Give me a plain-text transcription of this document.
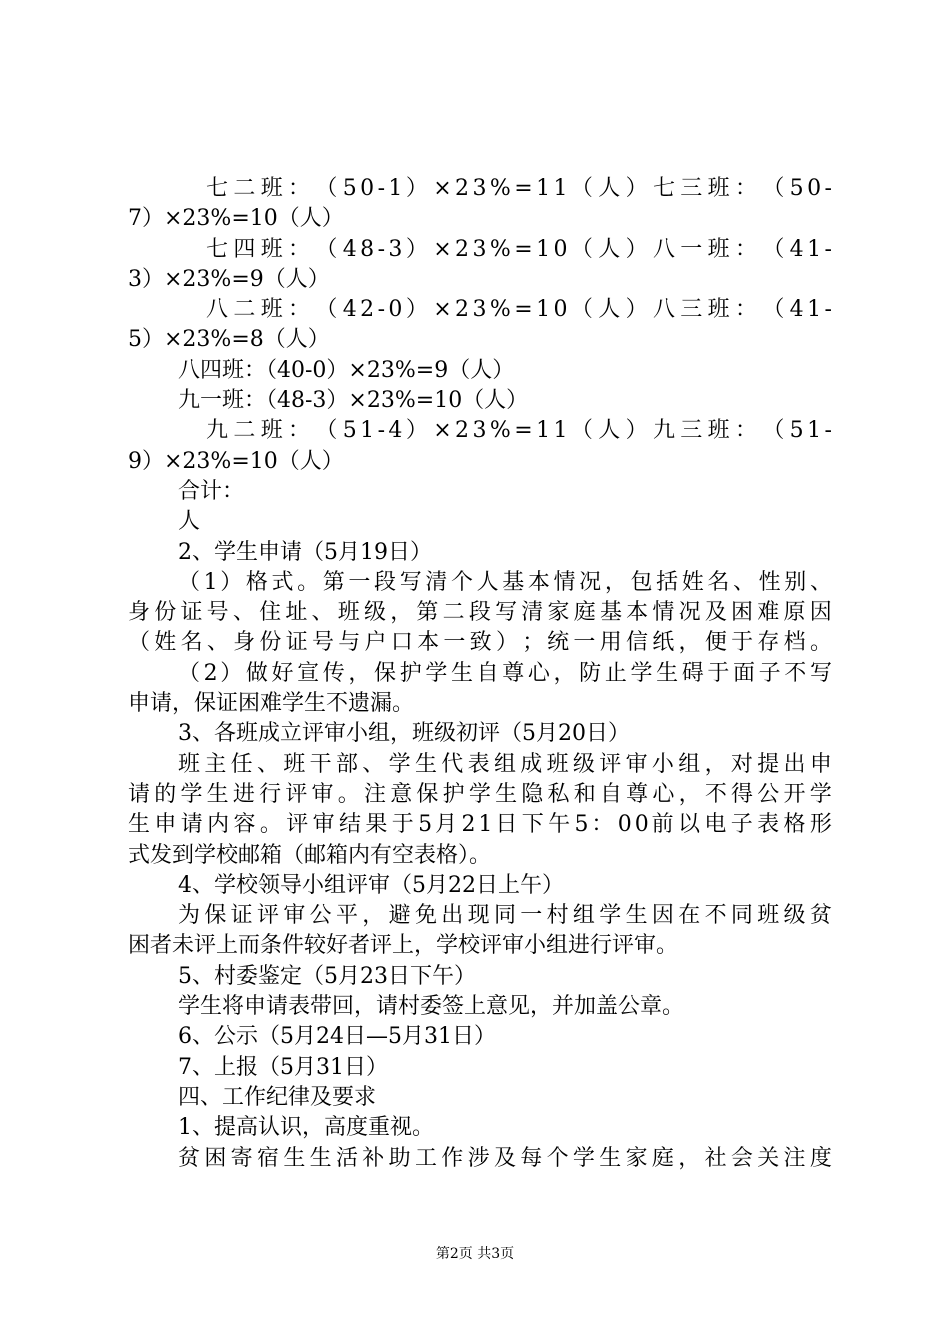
七 二 班 ： （ 5 0 - 1 ） × 2 3 % = 1 1 （ 人 ） 七 三 班 ： （ 5 0 -
7）×23%=10（人）
七 四 班 ： （ 4 8 - 3 ） × 2 3 % = 1 0 （ 人 ） 八 一 班 ： （ 4 1 -
3）×23%=9（人）
八 二 班 ： （ 4 2 - 0 ） × 2 3 % = 1 0 （ 人 ） 八 三 班 ： （ 4 1 -
5）×23%=8（人）
八四班：（40-0）×23%=9（人）
九一班：（48-3）×23%=10（人）
九 二 班 ： （ 5 1 - 4 ） × 2 3 % = 1 1 （ 人 ） 九 三 班 ： （ 5 1 -
9）×23%=10（人）
合计：
人
2、学生申请（5月19日）
（ 1 ） 格 式 。 第 一 段 写 清 个 人 基 本 情 况 ， 包 括 姓 名 、 性 别 、
身 份 证 号 、 住 址 、 班 级 ， 第 二 段 写 清 家 庭 基 本 情 况 及 困 难 原 因
（ 姓 名 、 身 份 证 号 与 户 口 本 一 致 ） ； 统 一 用 信 纸 ， 便 于 存 档 。
（ 2 ） 做 好 宣 传 ， 保 护 学 生 自 尊 心 ， 防 止 学 生 碍 于 面 子 不 写
申请，保证困难学生不遗漏。
3、各班成立评审小组，班级初评（5月20日）
班 主 任 、 班 干 部 、 学 生 代 表 组 成 班 级 评 审 小 组 ， 对 提 出 申
请 的 学 生 进 行 评 审 。 注 意 保 护 学 生 隐 私 和 自 尊 心 ， 不 得 公 开 学
生 申 请 内 容 。 评 审 结 果 于 5 月 2 1 日 下 午 5 ： 0 0 前 以 电 子 表 格 形
式发到学校邮箱（邮箱内有空表格）。
4、学校领导小组评审（5月22日上午）
为 保 证 评 审 公 平 ， 避 免 出 现 同 一 村 组 学 生 因 在 不 同 班 级 贫
困者未评上而条件较好者评上，学校评审小组进行评审。
5、村委鉴定（5月23日下午）
学生将申请表带回，请村委签上意见，并加盖公章。
6、公示（5月24日—5月31日）
7、上报（5月31日）
四、工作纪律及要求
1、提高认识，高度重视。
贫 困 寄 宿 生 生 活 补 助 工 作 涉 及 每 个 学 生 家 庭 ， 社 会 关 注 度
第2页 共3页
